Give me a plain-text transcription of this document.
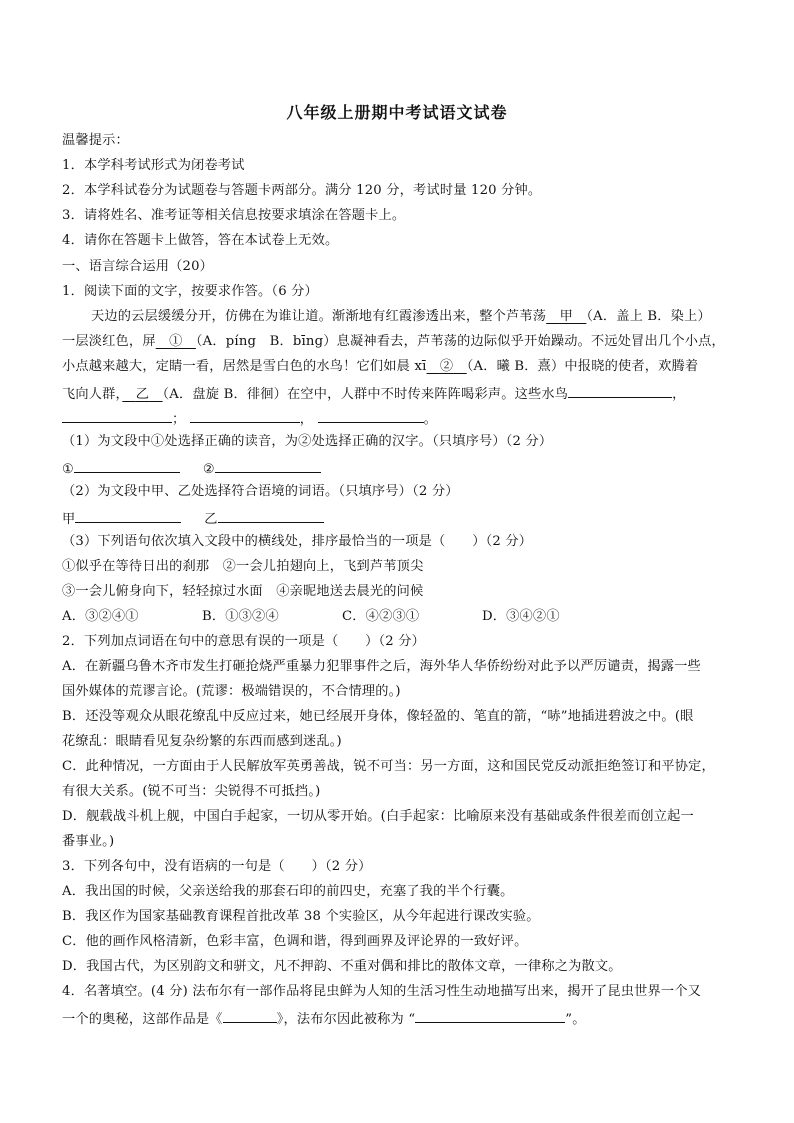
八年级上册期中考试语文试卷
温馨提示：
1．本学科考试形式为闭卷考试
2．本学科试卷分为试题卷与答题卡两部分。满分 120 分，考试时量 120 分钟。
3．请将姓名、准考证等相关信息按要求填涂在答题卡上。
4．请你在答题卡上做答，答在本试卷上无效。
一、语言综合运用（20）
1．阅读下面的文字，按要求作答。（6 分）
天边的云层缓缓分开，仿佛在为谁让道。渐渐地有红霞渗透出来，整个芦苇荡　 甲　 （A．盖上 B．染上）
一层淡红色，屏　 ①　 （A．píng　B．bīng）息凝神看去，芦苇荡的边际似乎开始躁动。不远处冒出几个小点，
小点越来越大，定睛一看，居然是雪白色的水鸟！它们如晨 xī　 ②　 （A．曦 B．熹）中报晓的使者，欢腾着
飞向人群，　 乙　 （A．盘旋 B．徘徊）在空中，人群中不时传来阵阵喝彩声。这些水鸟	，
；	，	。
（1）为文段中①处选择正确的读音，为②处选择正确的汉字。（只填序号）（2 分）
①	②
（2）为文段中甲、乙处选择符合语境的词语。（只填序号）（2 分）
甲	乙
（3）下列语句依次填入文段中的横线处，排序最恰当的一项是（　　）（2 分）
①似乎在等待日出的刹那　②一会儿拍翅向上，飞到芦苇顶尖
③一会儿俯身向下，轻轻掠过水面　④亲昵地送去晨光的问候
A．③②④①	B．①③②④	C．④②③①	D．③④②①
2．下列加点词语在句中的意思有误的一项是（　　）（2 分）
A．在新疆乌鲁木齐市发生打砸抢烧严重暴力犯罪事件之后，海外华人华侨纷纷对此予以严厉谴责，揭露一些
国外媒体的荒谬言论。(荒谬：极端错误的，不合情理的。)
B．还没等观众从眼花缭乱中反应过来，她已经展开身体，像轻盈的、笔直的箭，“哧”地插进碧波之中。(眼
花缭乱：眼睛看见复杂纷繁的东西而感到迷乱。)
C．此种情况，一方面由于人民解放军英勇善战，锐不可当：另一方面，这和国民党反动派拒绝签订和平协定，
有很大关系。(锐不可当：尖锐得不可抵挡。)
D．舰载战斗机上舰，中国白手起家，一切从零开始。(白手起家：比喻原来没有基础或条件很差而创立起一
番事业。)
3．下列各句中，没有语病的一句是（　　）（2 分）
A．我出国的时候，父亲送给我的那套石印的前四史，充塞了我的半个行囊。
B．我区作为国家基础教育课程首批改革 38 个实验区，从今年起进行课改实验。
C．他的画作风格清新，色彩丰富，色调和谐，得到画界及评论界的一致好评。
D．我国古代，为区别韵文和骈文，凡不押韵、不重对偶和排比的散体文章，一律称之为散文。
4．名著填空。(4 分) 法布尔有一部作品将昆虫鲜为人知的生活习性生动地描写出来，揭开了昆虫世界一个又
一个的奥秘，这部作品是《	》，法布尔因此被称为 “	”。
